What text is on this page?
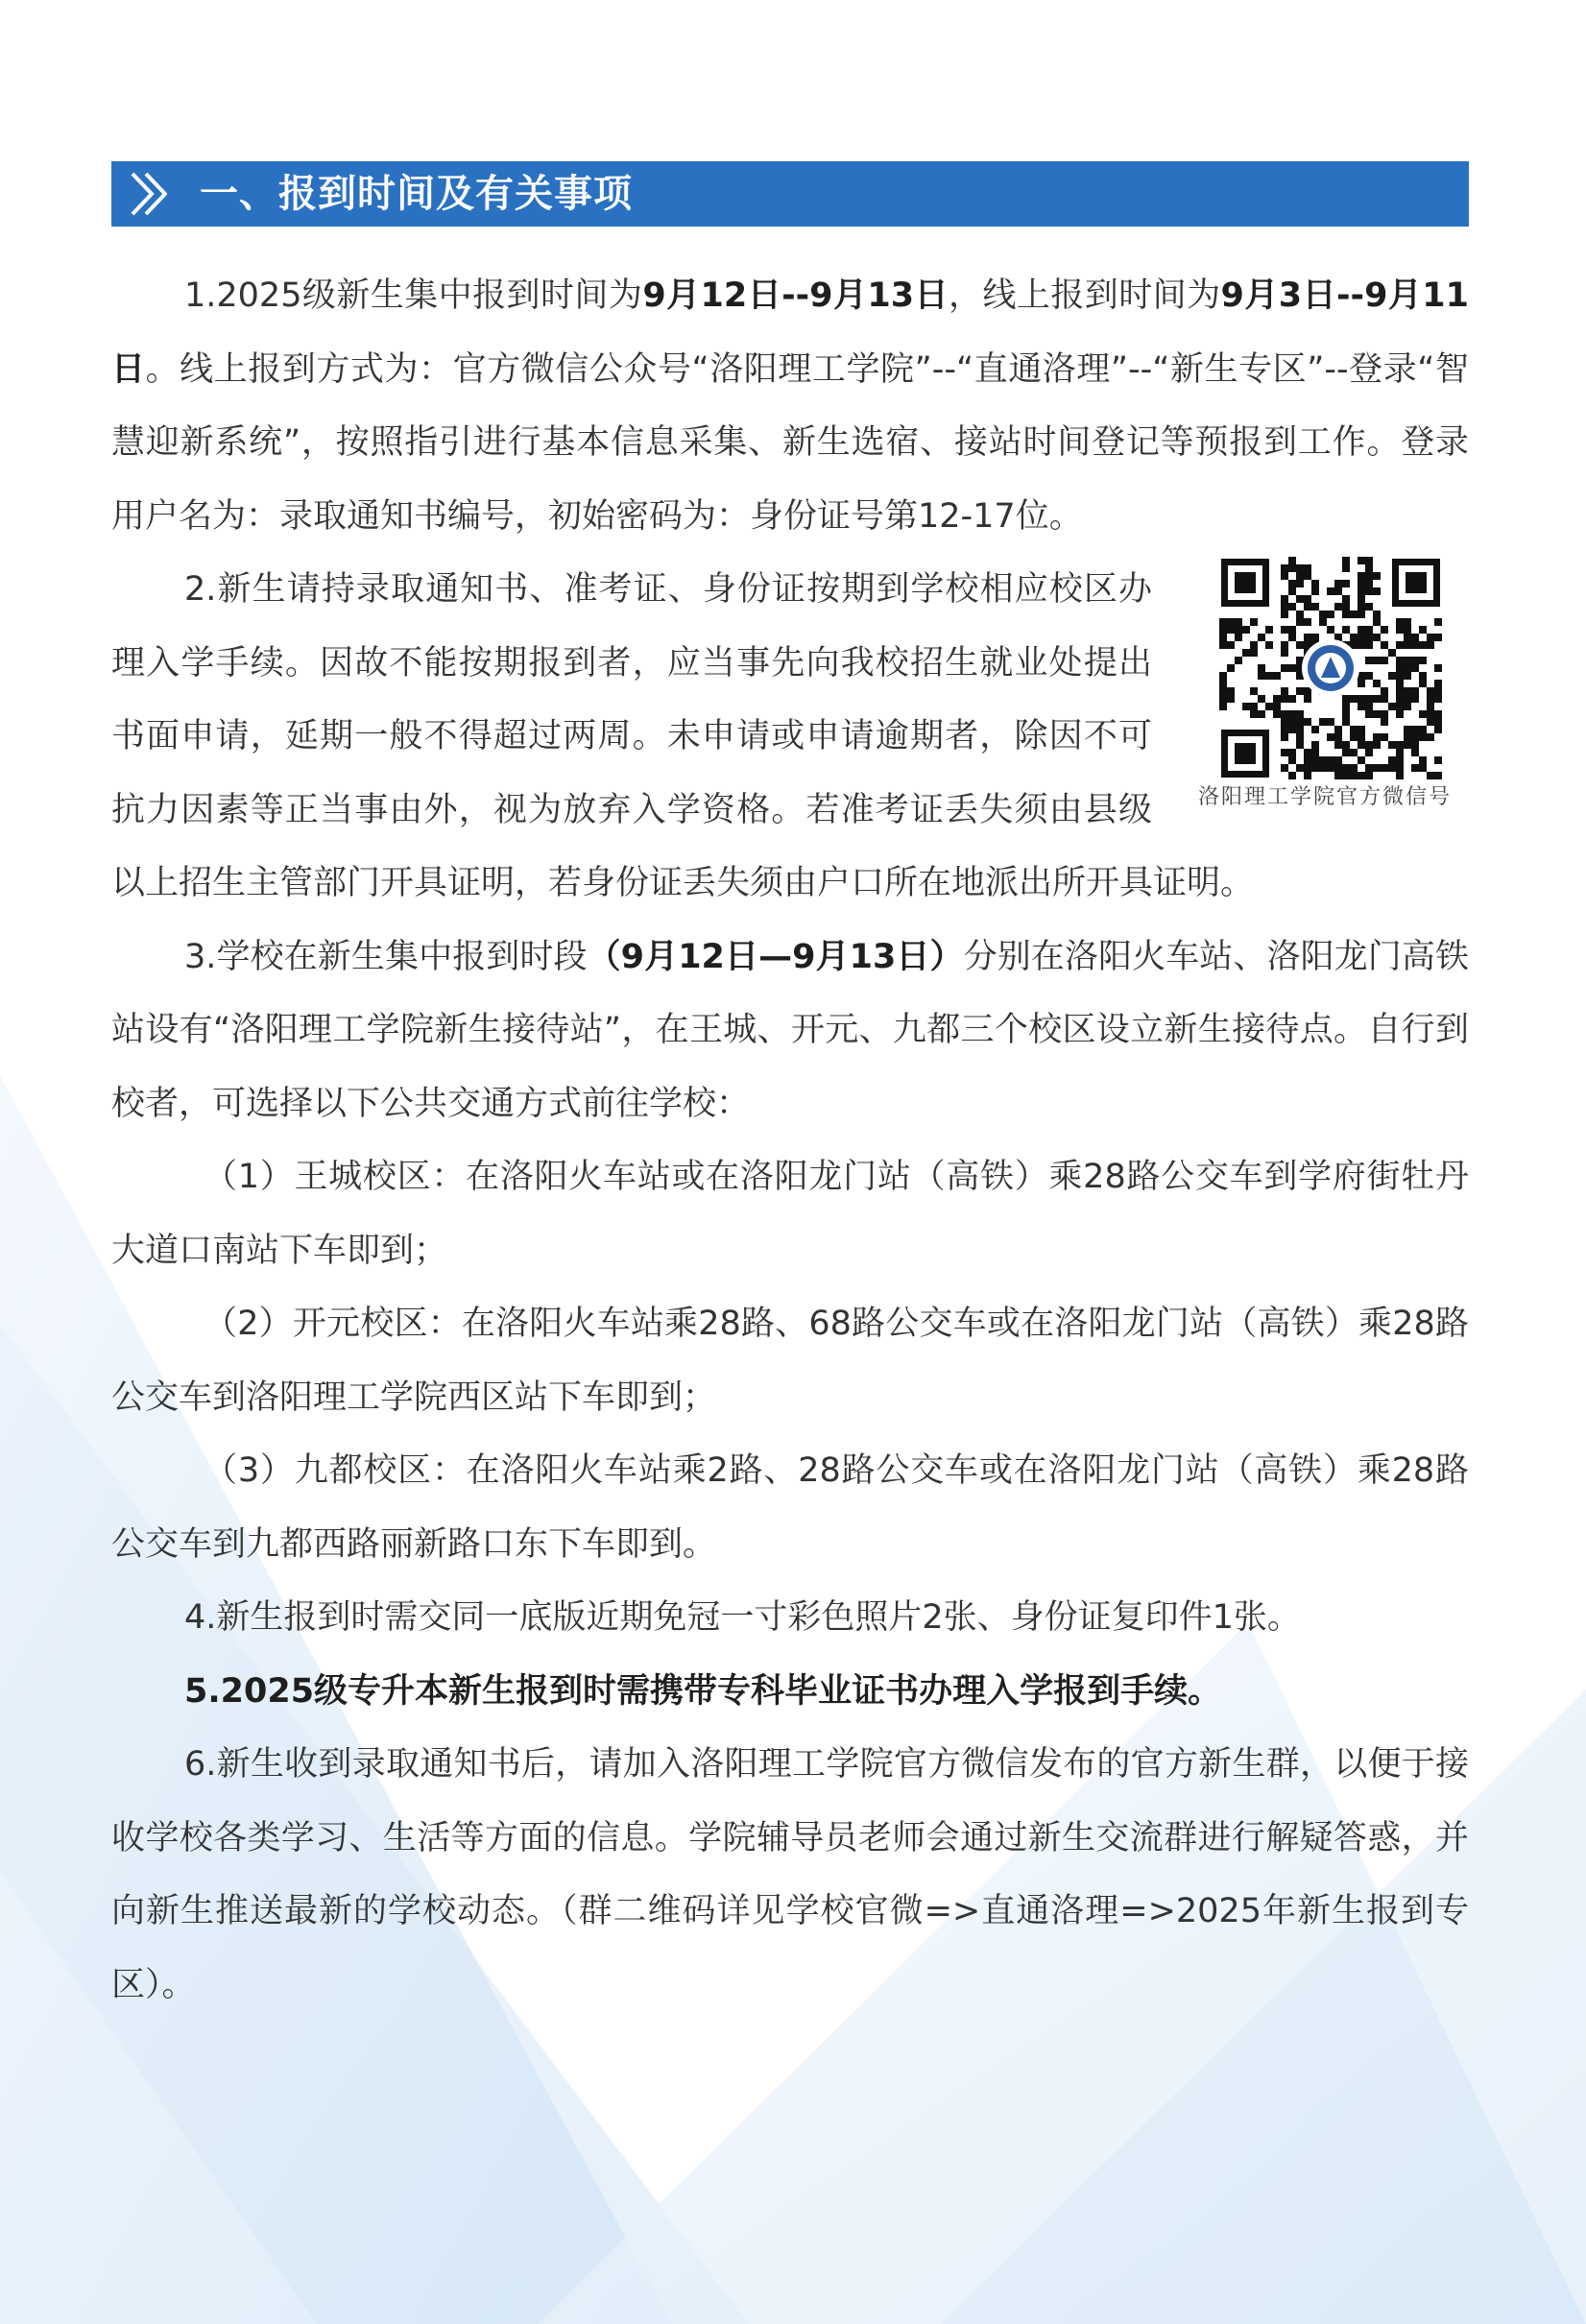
一、报到时间及有关事项

1.2025级新生集中报到时间为9月12日--9月13日，线上报到时间为9月3日--9月11日。线上报到方式为：官方微信公众号“洛阳理工学院”--“直通洛理”--“新生专区”--登录“智慧迎新系统”，按照指引进行基本信息采集、新生选宿、接站时间登记等预报到工作。登录用户名为：录取通知书编号，初始密码为：身份证号第12-17位。

洛阳理工学院官方微信号

2.新生请持录取通知书、准考证、身份证按期到学校相应校区办理入学手续。因故不能按期报到者，应当事先向我校招生就业处提出书面申请，延期一般不得超过两周。未申请或申请逾期者，除因不可抗力因素等正当事由外，视为放弃入学资格。若准考证丢失须由县级以上招生主管部门开具证明，若身份证丢失须由户口所在地派出所开具证明。

3.学校在新生集中报到时段（9月12日—9月13日）分别在洛阳火车站、洛阳龙门高铁站设有“洛阳理工学院新生接待站”，在王城、开元、九都三个校区设立新生接待点。自行到校者，可选择以下公共交通方式前往学校：

（1）王城校区：在洛阳火车站或在洛阳龙门站（高铁）乘28路公交车到学府街牡丹大道口南站下车即到；

（2）开元校区：在洛阳火车站乘28路、68路公交车或在洛阳龙门站（高铁）乘28路公交车到洛阳理工学院西区站下车即到；

（3）九都校区：在洛阳火车站乘2路、28路公交车或在洛阳龙门站（高铁）乘28路公交车到九都西路丽新路口东下车即到。

4.新生报到时需交同一底版近期免冠一寸彩色照片2张、身份证复印件1张。

5.2025级专升本新生报到时需携带专科毕业证书办理入学报到手续。

6.新生收到录取通知书后，请加入洛阳理工学院官方微信发布的官方新生群，以便于接收学校各类学习、生活等方面的信息。学院辅导员老师会通过新生交流群进行解疑答惑，并向新生推送最新的学校动态。（群二维码详见学校官微=>直通洛理=>2025年新生报到专区）。
